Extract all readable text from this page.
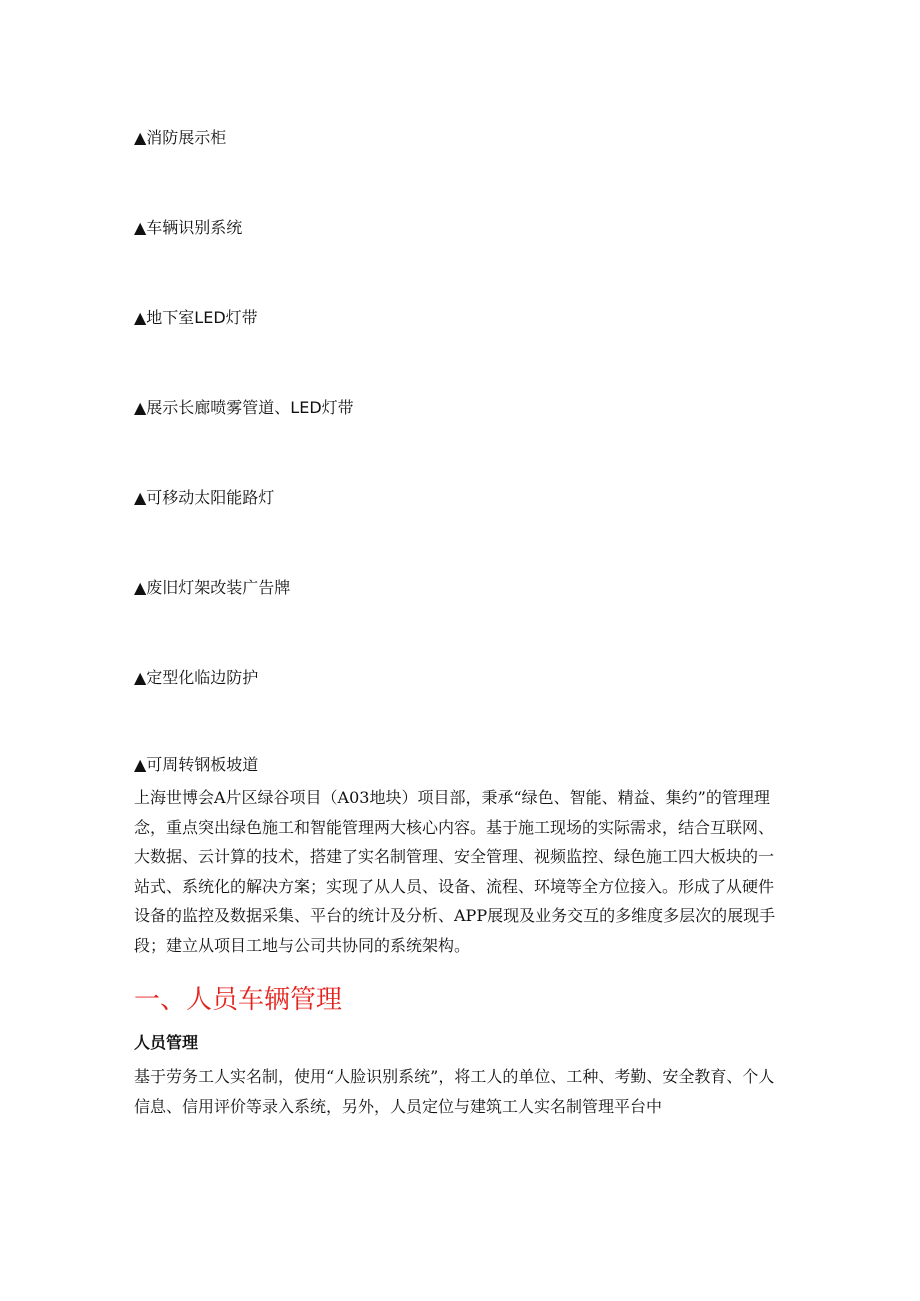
▲消防展示柜

▲车辆识别系统

▲地下室LED灯带

▲展示长廊喷雾管道、LED灯带

▲可移动太阳能路灯

▲废旧灯架改装广告牌

▲定型化临边防护

▲可周转钢板坡道

上海世博会A片区绿谷项目（A03地块）项目部，秉承“绿色、智能、精益、集约”的管理理念，重点突出绿色施工和智能管理两大核心内容。基于施工现场的实际需求，结合互联网、大数据、云计算的技术，搭建了实名制管理、安全管理、视频监控、绿色施工四大板块的一站式、系统化的解决方案；实现了从人员、设备、流程、环境等全方位接入。形成了从硬件设备的监控及数据采集、平台的统计及分析、APP展现及业务交互的多维度多层次的展现手段；建立从项目工地与公司共协同的系统架构。

一、人员车辆管理
人员管理

基于劳务工人实名制，使用“人脸识别系统”，将工人的单位、工种、考勤、安全教育、个人信息、信用评价等录入系统，另外，人员定位与建筑工人实名制管理平台中
